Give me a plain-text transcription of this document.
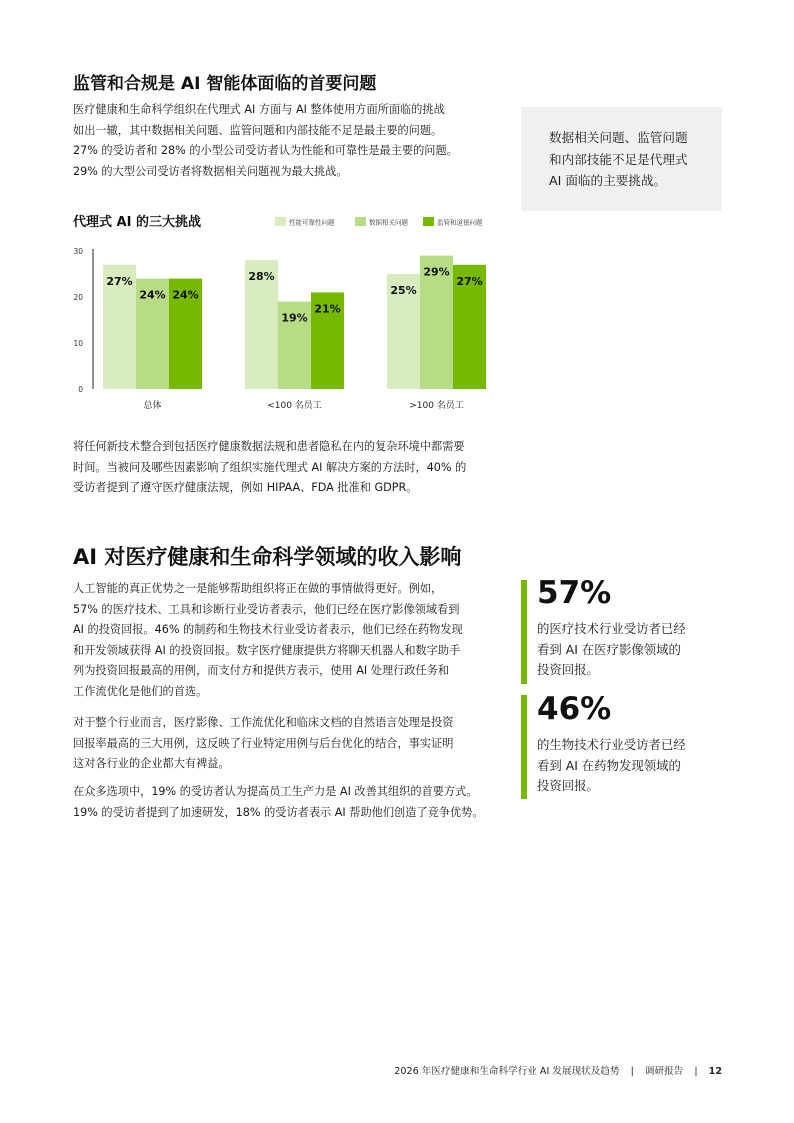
监管和合规是 AI 智能体面临的首要问题

医疗健康和生命科学组织在代理式 AI 方面与 AI 整体使用方面所面临的挑战

如出一辙，其中数据相关问题、监管问题和内部技能不足是最主要的问题。

27% 的受访者和 28% 的小型公司受访者认为性能和可靠性是最主要的问题。

29% 的大型公司受访者将数据相关问题视为最大挑战。

数据相关问题、监管问题

和内部技能不足是代理式

AI 面临的主要挑战。

代理式 AI 的三大挑战	性能可靠性问题	数据相关问题	监管和道德问题
0
10
20
30
27%
24% 24%
28%
19%
21%
25%
29%
27%
总体	<100 名员工	>100 名员工

将任何新技术整合到包括医疗健康数据法规和患者隐私在内的复杂环境中都需要

时间。当被问及哪些因素影响了组织实施代理式 AI 解决方案的方法时，40% 的

受访者提到了遵守医疗健康法规，例如 HIPAA、FDA 批准和 GDPR。

AI 对医疗健康和生命科学领域的收入影响

人工智能的真正优势之一是能够帮助组织将正在做的事情做得更好。例如，

57% 的医疗技术、工具和诊断行业受访者表示，他们已经在医疗影像领域看到

AI 的投资回报。46% 的制药和生物技术行业受访者表示，他们已经在药物发现

和开发领域获得 AI 的投资回报。数字医疗健康提供方将聊天机器人和数字助手

列为投资回报最高的用例，而支付方和提供方表示，使用 AI 处理行政任务和

工作流优化是他们的首选。

对于整个行业而言，医疗影像、工作流优化和临床文档的自然语言处理是投资

回报率最高的三大用例，这反映了行业特定用例与后台优化的结合，事实证明

这对各行业的企业都大有裨益。

在众多选项中，19% 的受访者认为提高员工生产力是 AI 改善其组织的首要方式。

19% 的受访者提到了加速研发，18% 的受访者表示 AI 帮助他们创造了竞争优势。

57%

的医疗技术行业受访者已经

看到 AI 在医疗影像领域的

投资回报。

46%

的生物技术行业受访者已经

看到 AI 在药物发现领域的

投资回报。

2026 年医疗健康和生命科学行业 AI 发展现状及趋势 | 调研报告 | 12
